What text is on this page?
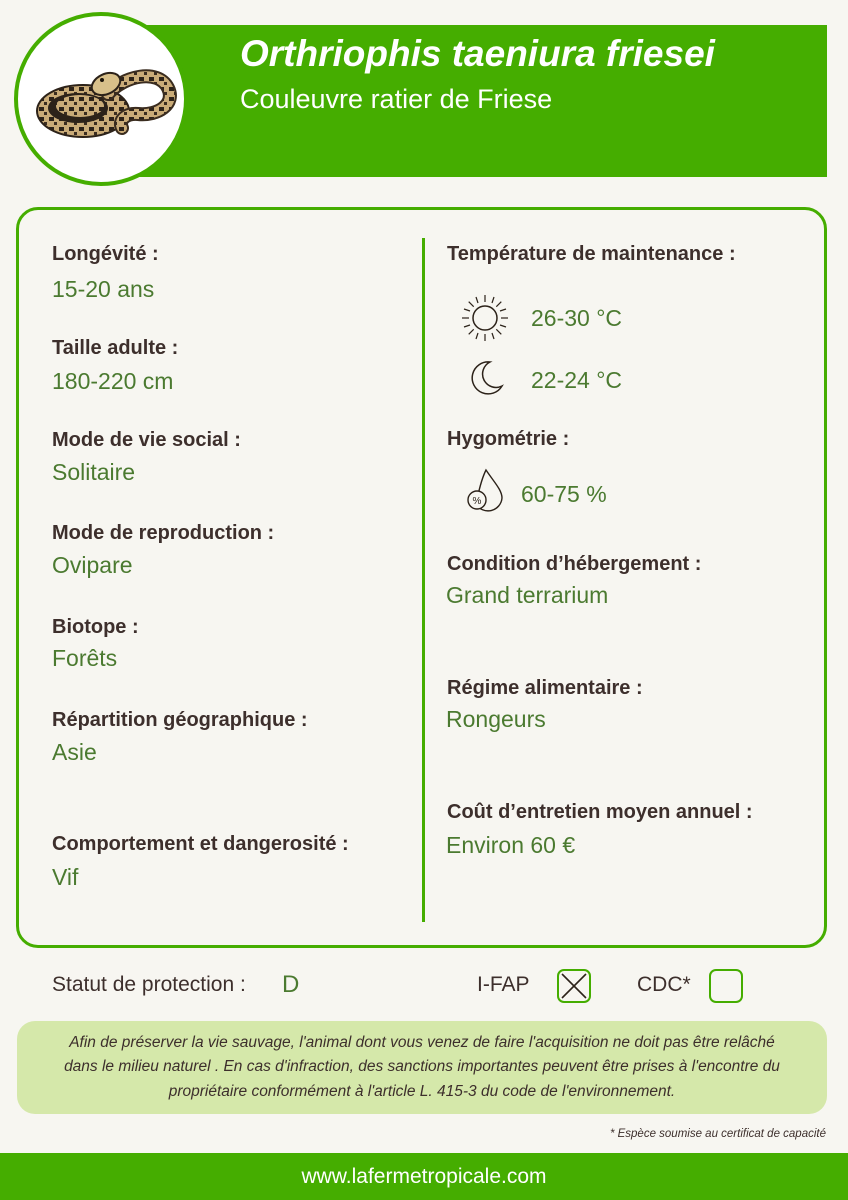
Orthriophis taeniura friesei
Couleuvre ratier de Friese
Longévité :
15-20 ans
Taille adulte :
180-220 cm
Mode de vie social :
Solitaire
Mode de reproduction :
Ovipare
Biotope :
Forêts
Répartition géographique :
Asie
Comportement et dangerosité :
Vif
Température de maintenance :
26-30 °C
22-24 °C
Hygométrie :
% 60-75 %
Condition d’hébergement :
Grand terrarium
Régime alimentaire :
Rongeurs
Coût d’entretien moyen annuel :
Environ 60 €
Statut de protection : D	I-FAP	CDC*

Afin de préserver la vie sauvage, l'animal dont vous venez de faire l'acquisition ne doit pas être relâché dans le milieu naturel . En cas d'infraction, des sanctions importantes peuvent être prises à l'encontre du propriétaire conformément à l'article L. 415-3 du code de l'environnement.

* Espèce soumise au certificat de capacité
www.lafermetropicale.com
